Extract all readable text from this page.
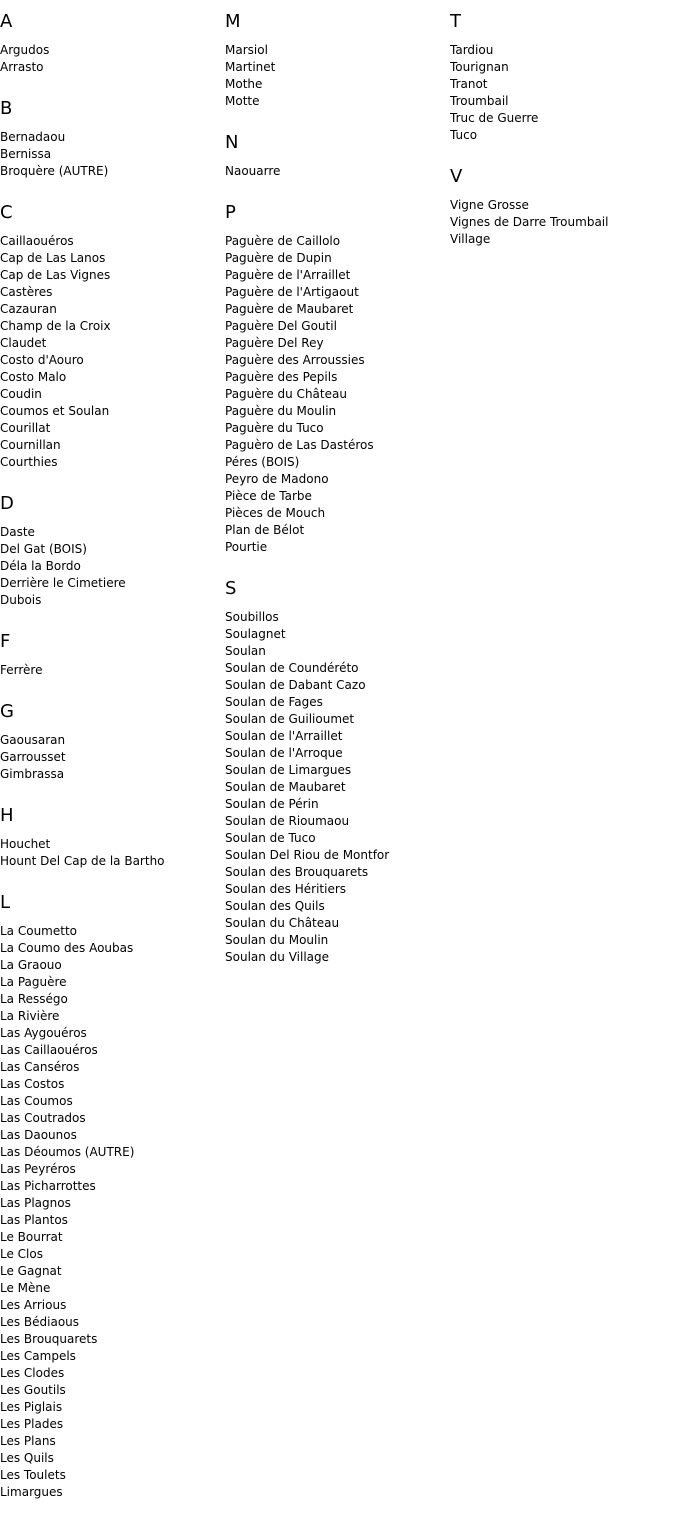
A
Argudos
Arrasto
B
Bernadaou
Bernissa
Broquère (AUTRE)
C
Caillaouéros
Cap de Las Lanos
Cap de Las Vignes
Castères
Cazauran
Champ de la Croix
Claudet
Costo d'Aouro
Costo Malo
Coudin
Coumos et Soulan
Courillat
Cournillan
Courthies
D
Daste
Del Gat (BOIS)
Déla la Bordo
Derrière le Cimetiere
Dubois
F
Ferrère
G
Gaousaran
Garrousset
Gimbrassa
H
Houchet
Hount Del Cap de la Bartho
L
La Coumetto
La Coumo des Aoubas
La Graouo
La Paguère
La Rességo
La Rivière
Las Aygouéros
Las Caillaouéros
Las Canséros
Las Costos
Las Coumos
Las Coutrados
Las Daounos
Las Déoumos (AUTRE)
Las Peyréros
Las Picharrottes
Las Plagnos
Las Plantos
Le Bourrat
Le Clos
Le Gagnat
Le Mène
Les Arrious
Les Bédiaous
Les Brouquarets
Les Campels
Les Clodes
Les Goutils
Les Piglais
Les Plades
Les Plans
Les Quils
Les Toulets
Limargues
M
Marsiol
Martinet
Mothe
Motte
N
Naouarre
P
Paguère de Caillolo
Paguère de Dupin
Paguère de l'Arraillet
Paguère de l'Artigaout
Paguère de Maubaret
Paguère Del Goutil
Paguère Del Rey
Paguère des Arroussies
Paguère des Pepils
Paguère du Château
Paguère du Moulin
Paguère du Tuco
Paguèro de Las Dastéros
Péres (BOIS)
Peyro de Madono
Pièce de Tarbe
Pièces de Mouch
Plan de Bélot
Pourtie
S
Soubillos
Soulagnet
Soulan
Soulan de Coundéréto
Soulan de Dabant Cazo
Soulan de Fages
Soulan de Guilioumet
Soulan de l'Arraillet
Soulan de l'Arroque
Soulan de Limargues
Soulan de Maubaret
Soulan de Périn
Soulan de Rioumaou
Soulan de Tuco
Soulan Del Riou de Montfor
Soulan des Brouquarets
Soulan des Héritiers
Soulan des Quils
Soulan du Château
Soulan du Moulin
Soulan du Village
T
Tardiou
Tourignan
Tranot
Troumbail
Truc de Guerre
Tuco
V
Vigne Grosse
Vignes de Darre Troumbail
Village
